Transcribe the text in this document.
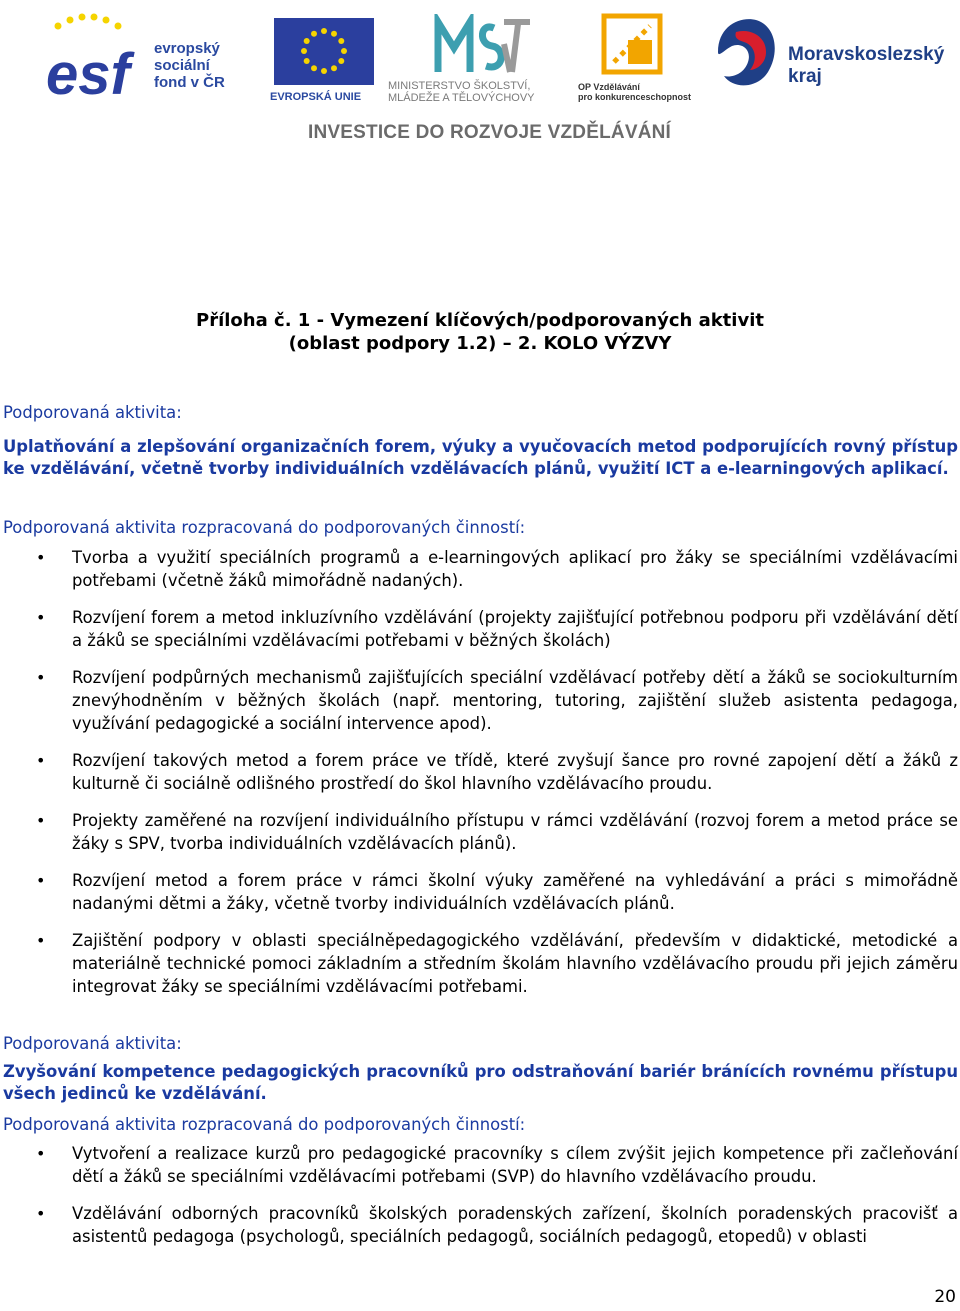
esf	evropský
sociální
fond v ČR
EVROPSKÁ UNIE
MINISTERSTVO ŠKOLSTVÍ,
MLÁDEŽE A TĚLOVÝCHOVY
OP Vzdělávání
pro konkurenceschopnost
Moravskoslezský
kraj
INVESTICE DO ROZVOJE VZDĚLÁVÁNÍ
Příloha č. 1 - Vymezení klíčových/podporovaných aktivit
(oblast podpory 1.2) – 2. KOLO VÝZVY
Podporovaná aktivita:
Uplatňování a zlepšování organizačních forem, výuky a vyučovacích metod podporujících rovný přístup ke vzdělávání, včetně tvorby individuálních vzdělávacích plánů, využití ICT a e-learningových aplikací.
Podporovaná aktivita rozpracovaná do podporovaných činností:
• Tvorba a využití speciálních programů a e-learningových aplikací pro žáky se speciálními vzdělávacími potřebami (včetně žáků mimořádně nadaných).
• Rozvíjení forem a metod inkluzívního vzdělávání (projekty zajišťující potřebnou podporu při vzdělávání dětí a žáků se speciálními vzdělávacími potřebami v běžných školách)
• Rozvíjení podpůrných mechanismů zajišťujících speciální vzdělávací potřeby dětí a žáků se sociokulturním znevýhodněním v běžných školách (např. mentoring, tutoring, zajištění služeb asistenta pedagoga, využívání pedagogické a sociální intervence apod).
• Rozvíjení takových metod a forem práce ve třídě, které zvyšují šance pro rovné zapojení dětí a žáků z kulturně či sociálně odlišného prostředí do škol hlavního vzdělávacího proudu.
• Projekty zaměřené na rozvíjení individuálního přístupu v rámci vzdělávání (rozvoj forem a metod práce se žáky s SPV, tvorba individuálních vzdělávacích plánů).
• Rozvíjení metod a forem práce v rámci školní výuky zaměřené na vyhledávání a práci s mimořádně nadanými dětmi a žáky, včetně tvorby individuálních vzdělávacích plánů.
• Zajištění podpory v oblasti speciálněpedagogického vzdělávání, především v didaktické, metodické a materiálně technické pomoci základním a středním školám hlavního vzdělávacího proudu při jejich záměru integrovat žáky se speciálními vzdělávacími potřebami.
Podporovaná aktivita:
Zvyšování kompetence pedagogických pracovníků pro odstraňování bariér bránících rovnému přístupu všech jedinců ke vzdělávání.
Podporovaná aktivita rozpracovaná do podporovaných činností:
• Vytvoření a realizace kurzů pro pedagogické pracovníky s cílem zvýšit jejich kompetence při začleňování dětí a žáků se speciálními vzdělávacími potřebami (SVP) do hlavního vzdělávacího proudu.
• Vzdělávání odborných pracovníků školských poradenských zařízení, školních poradenských pracovišť a asistentů pedagoga (psychologů, speciálních pedagogů, sociálních pedagogů, etopedů) v oblasti
20
